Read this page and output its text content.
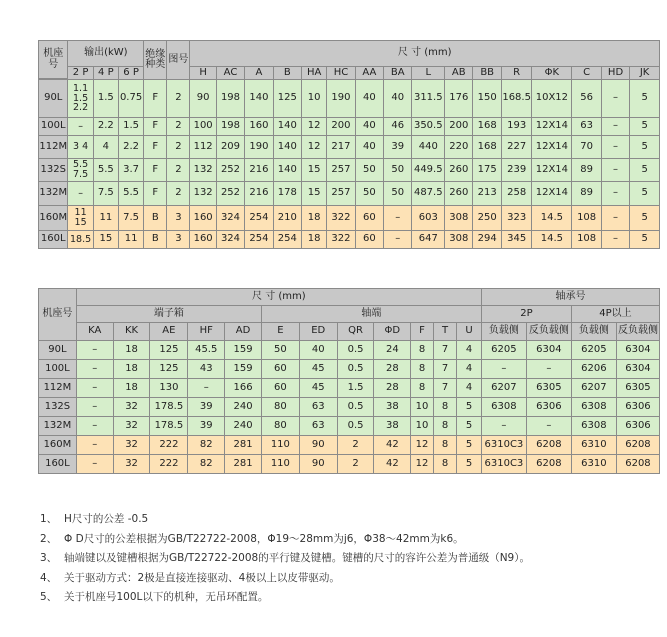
机座号	输出(kW)			绝缘种类	图号	尺 寸 (mm)															
	2 P	4 P	6 P			H	AC	A	B	HA	HC	AA	BA	L	AB	BB	R	ΦK	C	HD	JK

90L	1.1 1.5 2.2	1.5	0.75	F	2	90	198	140	125	10	190	40	40	311.5	176	150	168.5	10X12	56	–	5
100L	–	2.2	1.5	F	2	100	198	160	140	12	200	40	46	350.5	200	168	193	12X14	63	–	5
112M	3 4	4	2.2	F	2	112	209	190	140	12	217	40	39	440	220	168	227	12X14	70	–	5
132S	5.5 7.5	5.5	3.7	F	2	132	252	216	140	15	257	50	50	449.5	260	175	239	12X14	89	–	5
132M	–	7.5	5.5	F	2	132	252	216	178	15	257	50	50	487.5	260	213	258	12X14	89	–	5
160M	11 15	11	7.5	B	3	160	324	254	210	18	322	60	–	603	308	250	323	14.5	108	–	5
160L	18.5	15	11	B	3	160	324	254	254	18	322	60	–	647	308	294	345	14.5	108	–	5
机座号	尺 寸 (mm)												轴承号			
	端子箱					轴端							2P		4P以上	
	KA	KK	AE	HF	AD	E	ED	QR	ΦD	F	T	U	负载侧	反负载侧	负载侧	反负载侧
90L	–	18	125	45.5	159	50	40	0.5	24	8	7	4	6205	6304	6205	6304
100L	–	18	125	43	159	60	45	0.5	28	8	7	4	–	–	6206	6304
112M	–	18	130	–	166	60	45	1.5	28	8	7	4	6207	6305	6207	6305
132S	–	32	178.5	39	240	80	63	0.5	38	10	8	5	6308	6306	6308	6306
132M	–	32	178.5	39	240	80	63	0.5	38	10	8	5	–	–	6308	6306
160M	–	32	222	82	281	110	90	2	42	12	8	5	6310C3	6208	6310	6208
160L	–	32	222	82	281	110	90	2	42	12	8	5	6310C3	6208	6310	6208
1、 H尺寸的公差 -0.5
2、 Φ D尺寸的公差根据为GB/T22722-2008，Φ19～28mm为j6，Φ38～42mm为k6。
3、 轴端键以及键槽根据为GB/T22722-2008的平行键及键槽。键槽的尺寸的容许公差为普通级（N9）。
4、 关于驱动方式：2极是直接连接驱动、4极以上以皮带驱动。
5、 关于机座号100L以下的机种，无吊环配置。
